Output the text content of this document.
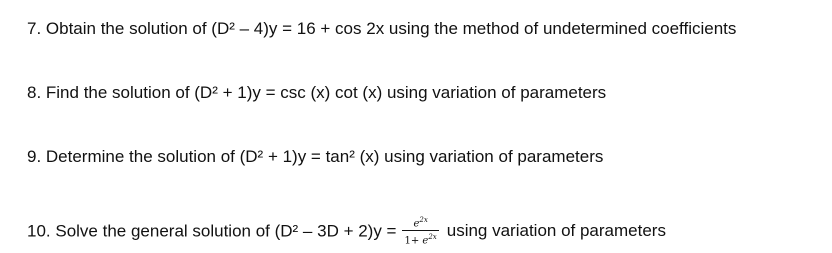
7. Obtain the solution of (D² – 4)y = 16 + cos 2x using the method of undetermined coefficients
8. Find the solution of (D² + 1)y = csc (x) cot (x) using variation of parameters
9. Determine the solution of (D² + 1)y = tan² (x) using variation of parameters
10. Solve the general solution of $(D^2 - 3D + 2)y = \frac{e^{2x}}{1+ e^{2x}}$ using variation of parameters
